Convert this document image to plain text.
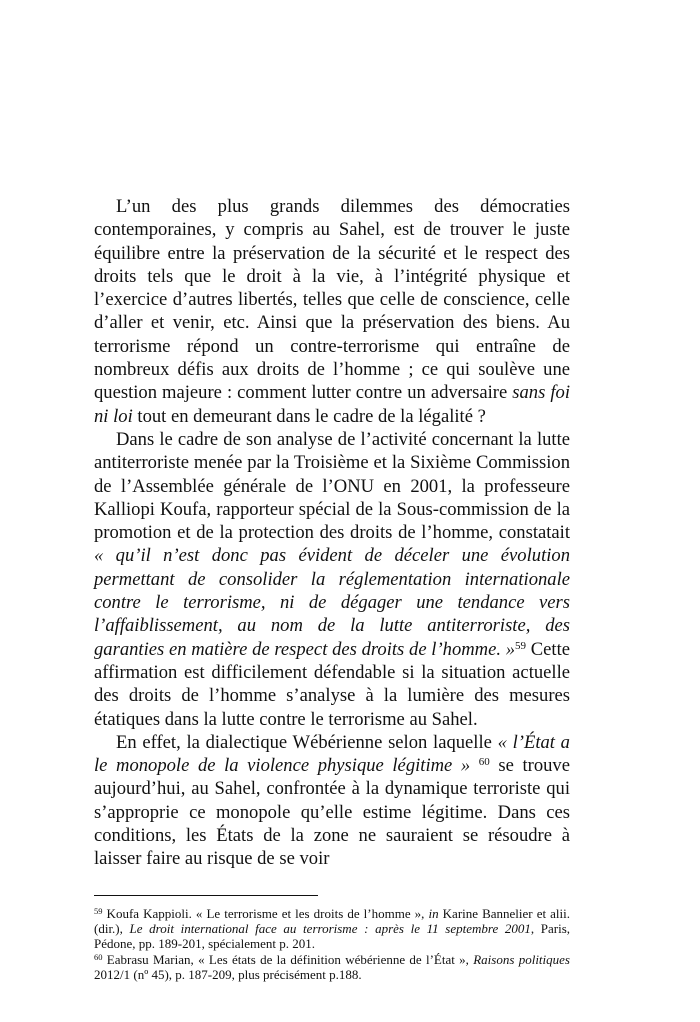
L’un des plus grands dilemmes des démocraties contemporaines, y compris au Sahel, est de trouver le juste équilibre entre la préservation de la sécurité et le respect des droits tels que le droit à la vie, à l’intégrité physique et l’exercice d’autres libertés, telles que celle de conscience, celle d’aller et venir, etc. Ainsi que la préservation des biens. Au terrorisme répond un contre-terrorisme qui entraîne de nombreux défis aux droits de l’homme ; ce qui soulève une question majeure : comment lutter contre un adversaire sans foi ni loi tout en demeurant dans le cadre de la légalité ?

Dans le cadre de son analyse de l’activité concernant la lutte antiterroriste menée par la Troisième et la Sixième Commission de l’Assemblée générale de l’ONU en 2001, la professeure Kalliopi Koufa, rapporteur spécial de la Sous-commission de la promotion et de la protection des droits de l’homme, constatait « qu’il n’est donc pas évident de déceler une évolution permettant de consolider la réglementation internationale contre le terrorisme, ni de dégager une tendance vers l’affaiblissement, au nom de la lutte antiterroriste, des garanties en matière de respect des droits de l’homme. »$^{59}$ Cette affirmation est difficilement défendable si la situation actuelle des droits de l’homme s’analyse à la lumière des mesures étatiques dans la lutte contre le terrorisme au Sahel.

En effet, la dialectique Wébérienne selon laquelle « l’État a le monopole de la violence physique légitime » $^{60}$ se trouve aujourd’hui, au Sahel, confrontée à la dynamique terroriste qui s’approprie ce monopole qu’elle estime légitime. Dans ces conditions, les États de la zone ne sauraient se résoudre à laisser faire au risque de se voir

$^{59}$ Koufa Kappioli. « Le terrorisme et les droits de l’homme », in Karine Bannelier et alii. (dir.), Le droit international face au terrorisme : après le 11 septembre 2001, Paris, Pédone, pp. 189-201, spécialement p. 201.

$^{60}$ Eabrasu Marian, « Les états de la définition wébérienne de l’État », Raisons politiques 2012/1 (nº 45), p. 187-209, plus précisément p.188.
